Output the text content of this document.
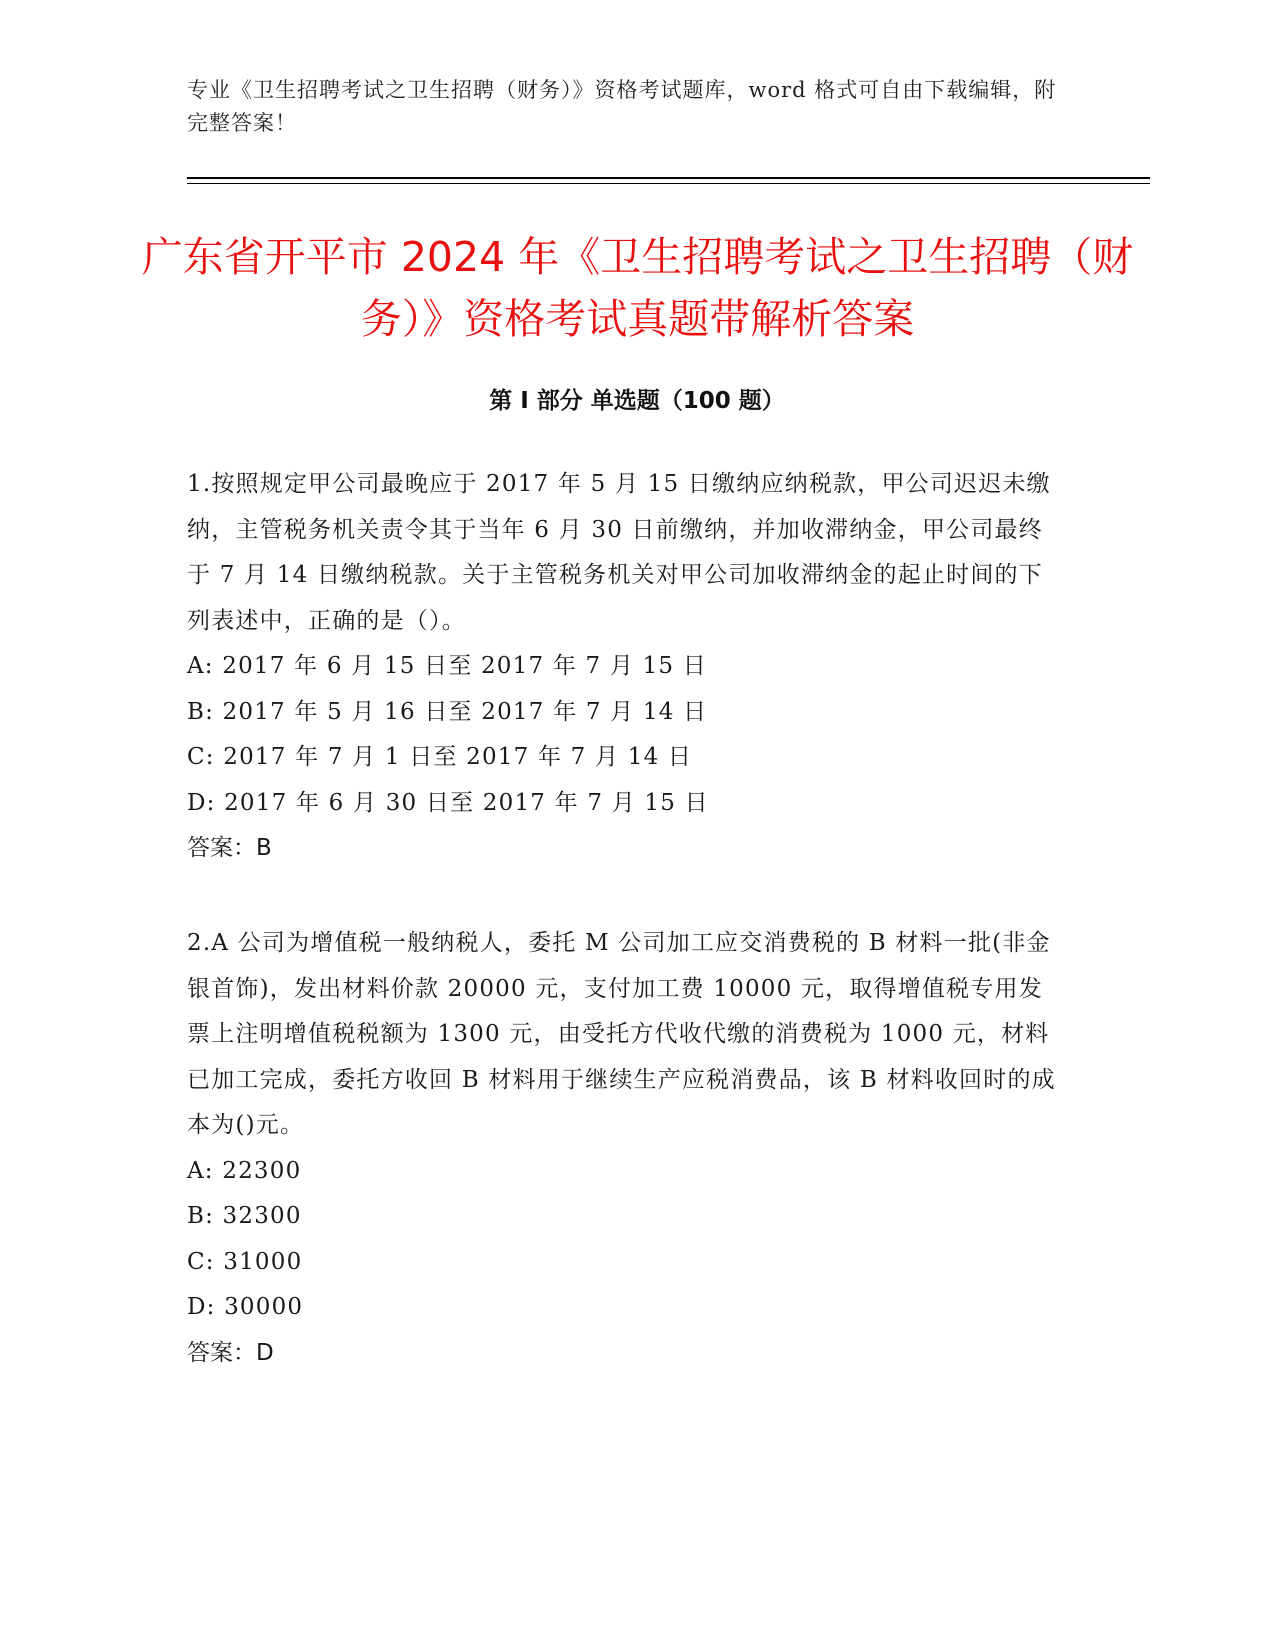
专业《卫生招聘考试之卫生招聘（财务）》资格考试题库，word 格式可自由下载编辑，附完整答案！
广东省开平市 2024 年《卫生招聘考试之卫生招聘（财务）》资格考试真题带解析答案
第 I 部分 单选题（100 题）

1.按照规定甲公司最晚应于 2017 年 5 月 15 日缴纳应纳税款，甲公司迟迟未缴纳，主管税务机关责令其于当年 6 月 30 日前缴纳，并加收滞纳金，甲公司最终于 7 月 14 日缴纳税款。关于主管税务机关对甲公司加收滞纳金的起止时间的下列表述中，正确的是（）。

A: 2017 年 6 月 15 日至 2017 年 7 月 15 日

B: 2017 年 5 月 16 日至 2017 年 7 月 14 日

C: 2017 年 7 月 1 日至 2017 年 7 月 14 日

D: 2017 年 6 月 30 日至 2017 年 7 月 15 日

答案：B

2.A 公司为增值税一般纳税人，委托 M 公司加工应交消费税的 B 材料一批(非金银首饰)，发出材料价款 20000 元，支付加工费 10000 元，取得增值税专用发票上注明增值税税额为 1300 元，由受托方代收代缴的消费税为 1000 元，材料已加工完成，委托方收回 B 材料用于继续生产应税消费品，该 B 材料收回时的成本为()元。

A: 22300

B: 32300

C: 31000

D: 30000

答案：D
